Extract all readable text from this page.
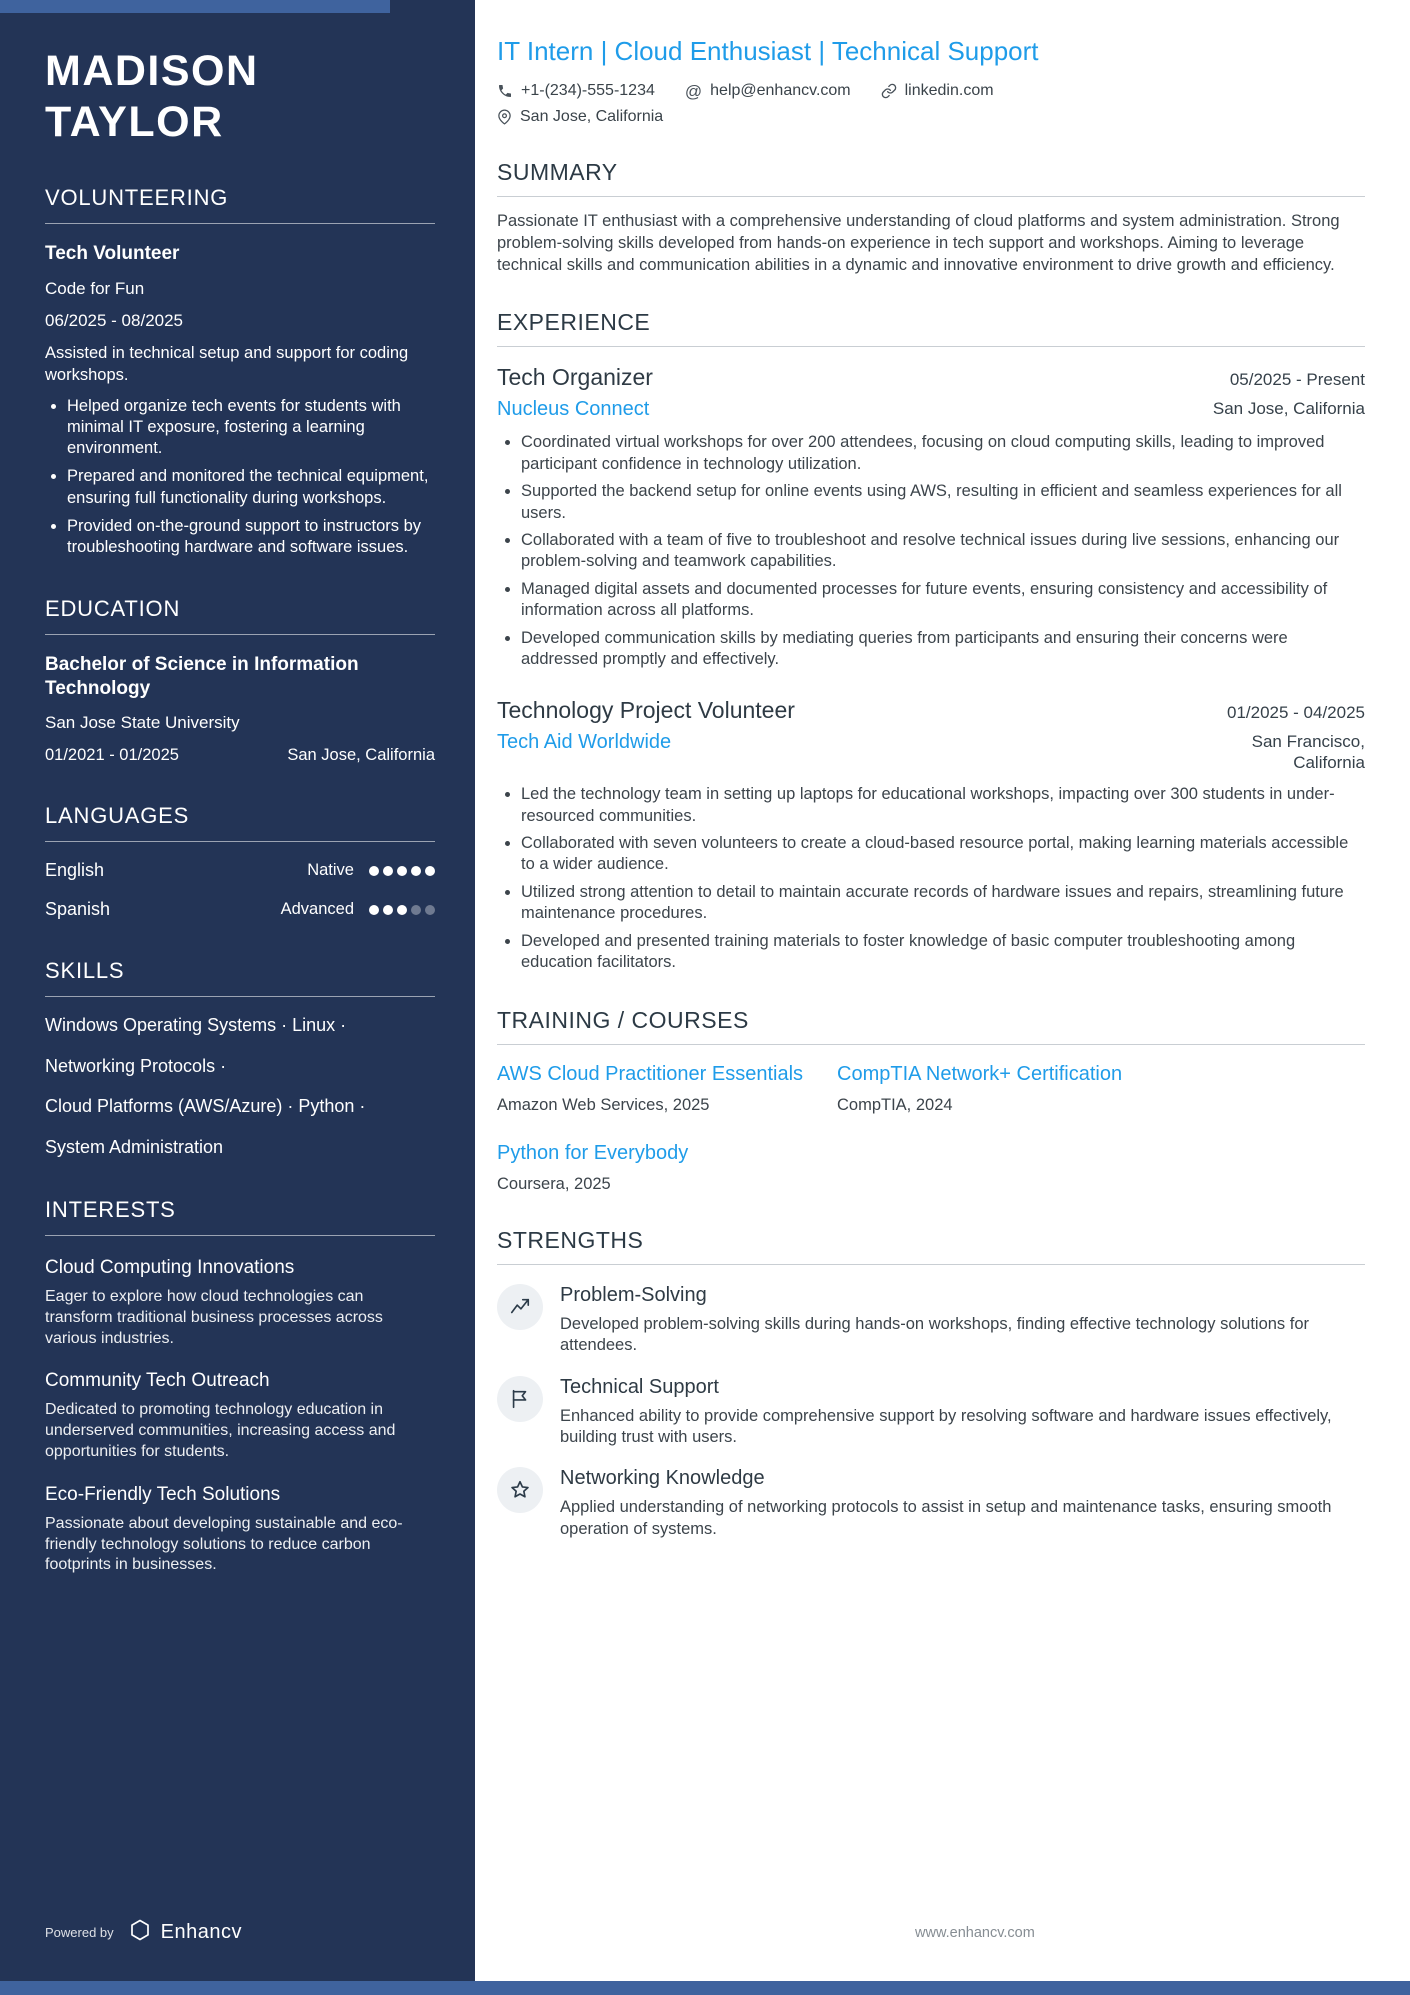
MADISON
TAYLOR
VOLUNTEERING
Tech Volunteer
Code for Fun
06/2025 - 08/2025

Assisted in technical setup and support for coding workshops.

• Helped organize tech events for students with minimal IT exposure, fostering a learning environment.
• Prepared and monitored the technical equipment, ensuring full functionality during workshops.
• Provided on-the-ground support to instructors by troubleshooting hardware and software issues.
EDUCATION
Bachelor of Science in Information Technology
San Jose State University
01/2021 - 01/2025	San Jose, California
LANGUAGES
English	Native
Spanish	Advanced
SKILLS
Windows Operating Systems · Linux ·
Networking Protocols ·
Cloud Platforms (AWS/Azure) · Python ·
System Administration
INTERESTS
Cloud Computing Innovations

Eager to explore how cloud technologies can transform traditional business processes across various industries.

Community Tech Outreach

Dedicated to promoting technology education in underserved communities, increasing access and opportunities for students.

Eco-Friendly Tech Solutions

Passionate about developing sustainable and eco-friendly technology solutions to reduce carbon footprints in businesses.

Powered by Enhancv
IT Intern | Cloud Enthusiast | Technical Support
+1-(234)-555-1234 @ help@enhancv.com	linkedin.com
San Jose, California
SUMMARY

Passionate IT enthusiast with a comprehensive understanding of cloud platforms and system administration. Strong problem-solving skills developed from hands-on experience in tech support and workshops. Aiming to leverage technical skills and communication abilities in a dynamic and innovative environment to drive growth and efficiency.

EXPERIENCE
Tech Organizer	05/2025 - Present
Nucleus Connect	San Jose, California
• Coordinated virtual workshops for over 200 attendees, focusing on cloud computing skills, leading to improved participant confidence in technology utilization.
• Supported the backend setup for online events using AWS, resulting in efficient and seamless experiences for all users.
• Collaborated with a team of five to troubleshoot and resolve technical issues during live sessions, enhancing our problem-solving and teamwork capabilities.
• Managed digital assets and documented processes for future events, ensuring consistency and accessibility of information across all platforms.
• Developed communication skills by mediating queries from participants and ensuring their concerns were addressed promptly and effectively.
Technology Project Volunteer	01/2025 - 04/2025
Tech Aid Worldwide	San Francisco, California
• Led the technology team in setting up laptops for educational workshops, impacting over 300 students in under-resourced communities.
• Collaborated with seven volunteers to create a cloud-based resource portal, making learning materials accessible to a wider audience.
• Utilized strong attention to detail to maintain accurate records of hardware issues and repairs, streamlining future maintenance procedures.
• Developed and presented training materials to foster knowledge of basic computer troubleshooting among education facilitators.
TRAINING / COURSES
AWS Cloud Practitioner Essentials
Amazon Web Services, 2025
CompTIA Network+ Certification
CompTIA, 2024
Python for Everybody
Coursera, 2025
STRENGTHS
Problem-Solving

Developed problem-solving skills during hands-on workshops, finding effective technology solutions for attendees.

Technical Support

Enhanced ability to provide comprehensive support by resolving software and hardware issues effectively, building trust with users.

Networking Knowledge

Applied understanding of networking protocols to assist in setup and maintenance tasks, ensuring smooth operation of systems.

www.enhancv.com
